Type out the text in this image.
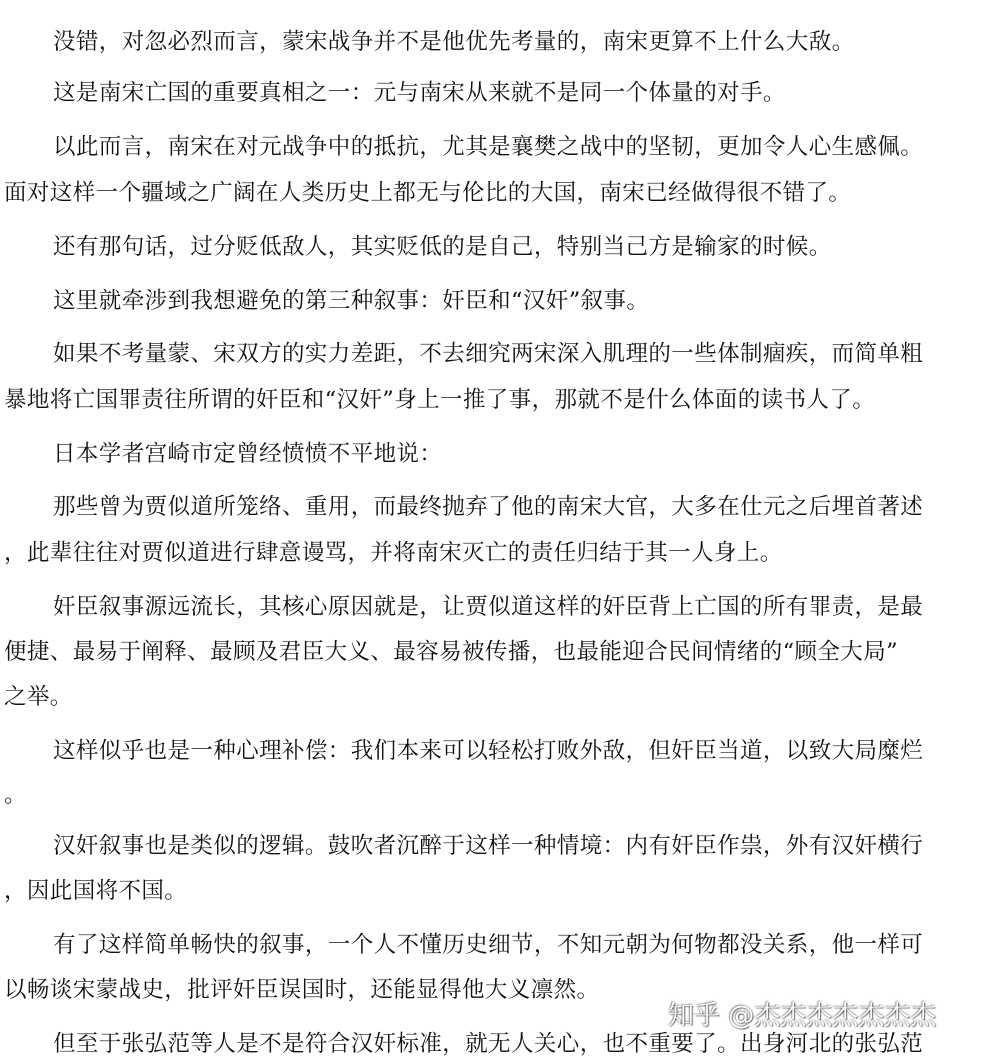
没错，对忽必烈而言，蒙宋战争并不是他优先考量的，南宋更算不上什么大敌。
这是南宋亡国的重要真相之一：元与南宋从来就不是同一个体量的对手。
以此而言，南宋在对元战争中的抵抗，尤其是襄樊之战中的坚韧，更加令人心生感佩。
面对这样一个疆域之广阔在人类历史上都无与伦比的大国，南宋已经做得很不错了。
还有那句话，过分贬低敌人，其实贬低的是自己，特别当己方是输家的时候。
这里就牵涉到我想避免的第三种叙事：奸臣和“汉奸”叙事。
如果不考量蒙、宋双方的实力差距，不去细究两宋深入肌理的一些体制痼疾，而简单粗
暴地将亡国罪责往所谓的奸臣和“汉奸”身上一推了事，那就不是什么体面的读书人了。
日本学者宫崎市定曾经愤愤不平地说：
那些曾为贾似道所笼络、重用，而最终抛弃了他的南宋大官，大多在仕元之后埋首著述
，此辈往往对贾似道进行肆意谩骂，并将南宋灭亡的责任归结于其一人身上。
奸臣叙事源远流长，其核心原因就是，让贾似道这样的奸臣背上亡国的所有罪责，是最
便捷、最易于阐释、最顾及君臣大义、最容易被传播，也最能迎合民间情绪的“顾全大局”
之举。
这样似乎也是一种心理补偿：我们本来可以轻松打败外敌，但奸臣当道，以致大局糜烂
。
汉奸叙事也是类似的逻辑。鼓吹者沉醉于这样一种情境：内有奸臣作祟，外有汉奸横行
，因此国将不国。
有了这样简单畅快的叙事，一个人不懂历史细节，不知元朝为何物都没关系，他一样可
以畅谈宋蒙战史，批评奸臣误国时，还能显得他大义凛然。
但至于张弘范等人是不是符合汉奸标准，就无人关心，也不重要了。出身河北的张弘范
知乎 @杰杰杰杰杰杰杰
